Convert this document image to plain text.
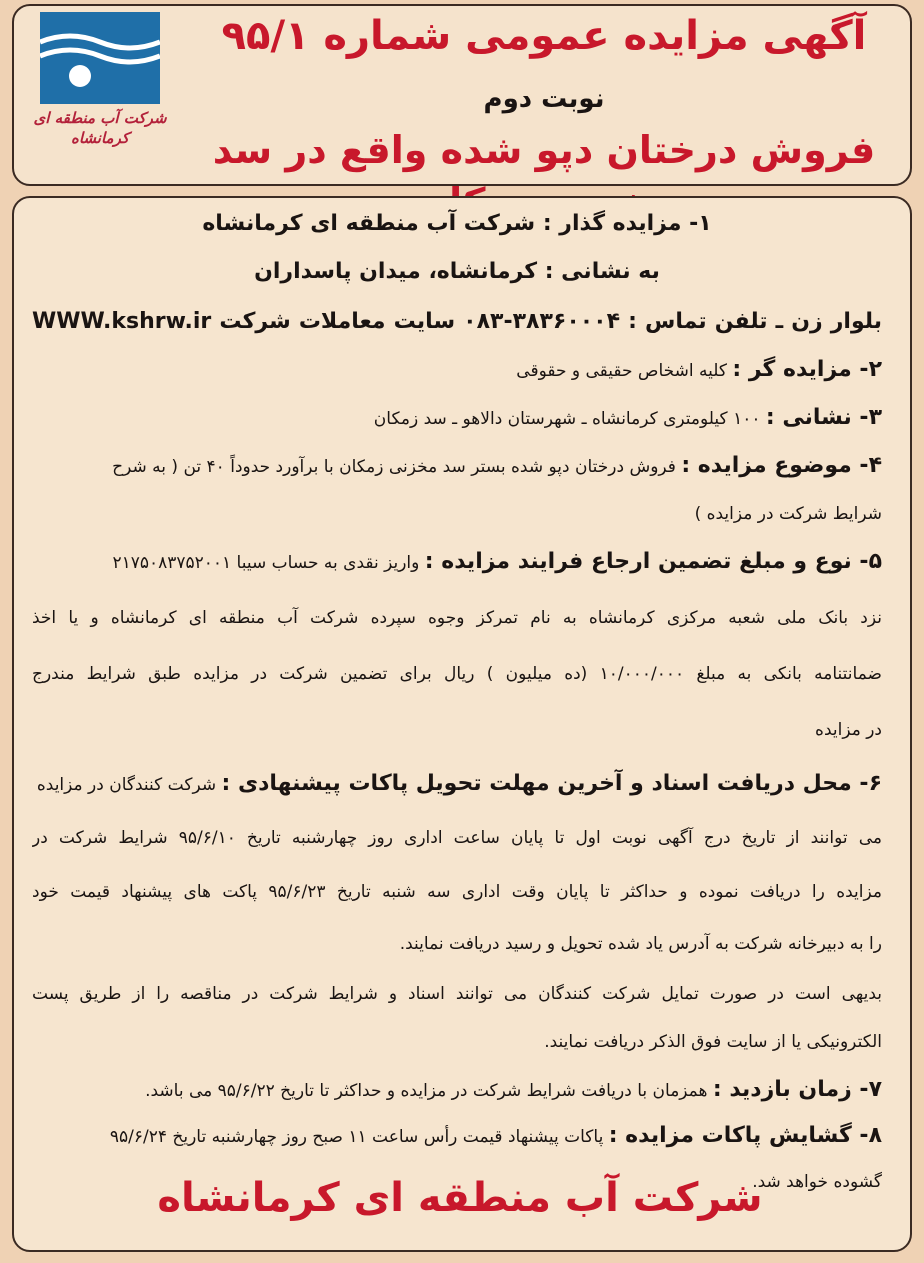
شرکت آب منطقه ای
کرمانشاه
آگهی مزایده عمومی شماره ۹۵/۱
نوبت دوم
فروش درختان دپو شده واقع در سد
۱- مزایده گذار : شرکت آب منطقه ای کرمانشاه
به نشانی : کرمانشاه، میدان پاسداران
بلوار زن ـ تلفن تماس : ۳۸۳۶۰۰۰۴-۰۸۳ سایت معاملات شرکت WWW.kshrw.ir
۲- مزایده گر : کلیه اشخاص حقیقی و حقوقی
۳- نشانی : ۱۰۰ کیلومتری کرمانشاه ـ شهرستان دالاهو ـ سد زمکان
۴- موضوع مزایده : فروش درختان دپو شده بستر سد مخزنی زمکان با برآورد حدوداً ۴۰ تن ( به شرح
شرایط شرکت در مزایده )
۵- نوع و مبلغ تضمین ارجاع فرایند مزایده : واریز نقدی به حساب سیبا ۲۱۷۵۰۸۳۷۵۲۰۰۱
نزد بانک ملی شعبه مرکزی کرمانشاه به نام تمرکز وجوه سپرده شرکت آب منطقه ای کرمانشاه و یا اخذ
ضمانتنامه بانکی به مبلغ ۱۰/۰۰۰/۰۰۰ (ده میلیون ) ریال برای تضمین شرکت در مزایده طبق شرایط مندرج
در مزایده
۶- محل دریافت اسناد و آخرین مهلت تحویل پاکات پیشنهادی : شرکت کنندگان در مزایده
می توانند از تاریخ درج آگهی نوبت اول تا پایان ساعت اداری روز چهارشنبه تاریخ ۹۵/۶/۱۰ شرایط شرکت در
مزایده را دریافت نموده و حداکثر تا پایان وقت اداری سه شنبه تاریخ ۹۵/۶/۲۳ پاکت های پیشنهاد قیمت خود
را به دبیرخانه شرکت به آدرس یاد شده تحویل و رسید دریافت نمایند.
بدیهی است در صورت تمایل شرکت کنندگان می توانند اسناد و شرایط شرکت در مناقصه را از طریق پست
الکترونیکی یا از سایت فوق الذکر دریافت نمایند.
۷- زمان بازدید : همزمان با دریافت شرایط شرکت در مزایده و حداکثر تا تاریخ ۹۵/۶/۲۲ می باشد.
۸- گشایش پاکات مزایده : پاکات پیشنهاد قیمت رأس ساعت ۱۱ صبح روز چهارشنبه تاریخ ۹۵/۶/۲۴
گشوده خواهد شد.
شرکت آب منطقه ای کرمانشاه
